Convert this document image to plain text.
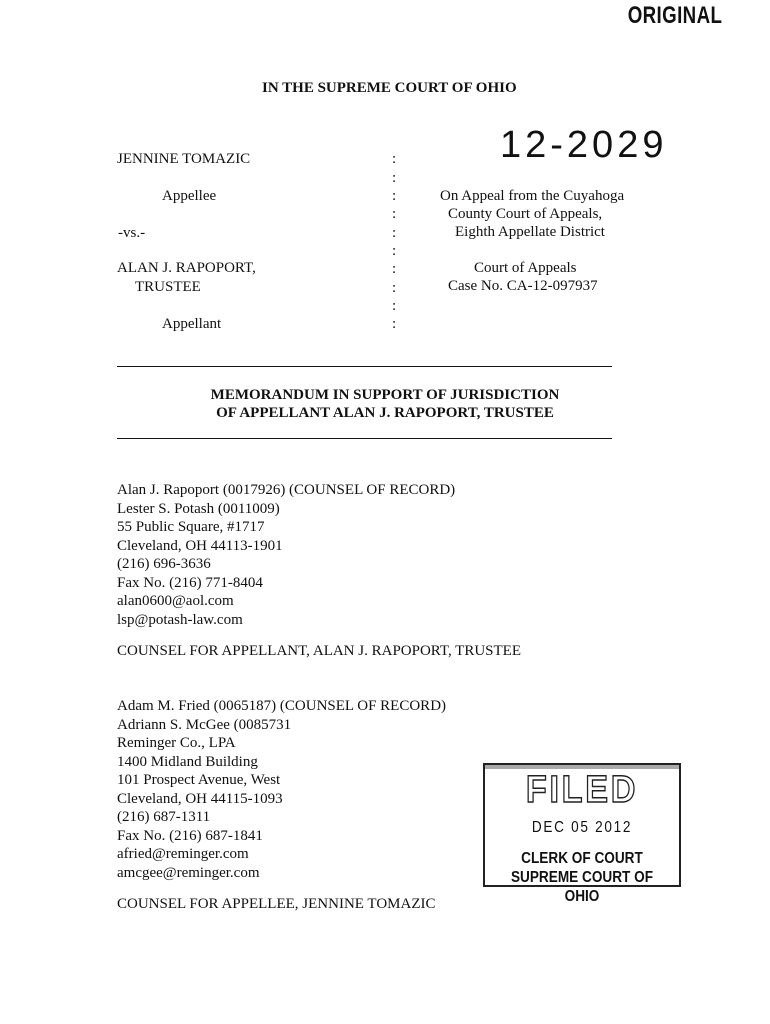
ORIGINAL
IN THE SUPREME COURT OF OHIO
12-2029
JENNINE TOMAZIC
Appellee
-vs.-
ALAN J. RAPOPORT,
TRUSTEE
Appellant
:
:
:
:
:
:
:
:
:
:
On Appeal from the Cuyahoga
County Court of Appeals,
Eighth Appellate District
Court of Appeals
Case No. CA-12-097937
MEMORANDUM IN SUPPORT OF JURISDICTION
OF APPELLANT ALAN J. RAPOPORT, TRUSTEE
Alan J. Rapoport (0017926) (COUNSEL OF RECORD)
Lester S. Potash (0011009)
55 Public Square, #1717
Cleveland, OH 44113-1901
(216) 696-3636
Fax No. (216) 771-8404
alan0600@aol.com
lsp@potash-law.com
COUNSEL FOR APPELLANT, ALAN J. RAPOPORT, TRUSTEE
Adam M. Fried (0065187) (COUNSEL OF RECORD)
Adriann S. McGee (0085731
Reminger Co., LPA
1400 Midland Building
101 Prospect Avenue, West
Cleveland, OH 44115-1093
(216) 687-1311
Fax No. (216) 687-1841
afried@reminger.com
amcgee@reminger.com
COUNSEL FOR APPELLEE, JENNINE TOMAZIC
FILED
DEC 05 2012
CLERK OF COURT
SUPREME COURT OF OHIO
